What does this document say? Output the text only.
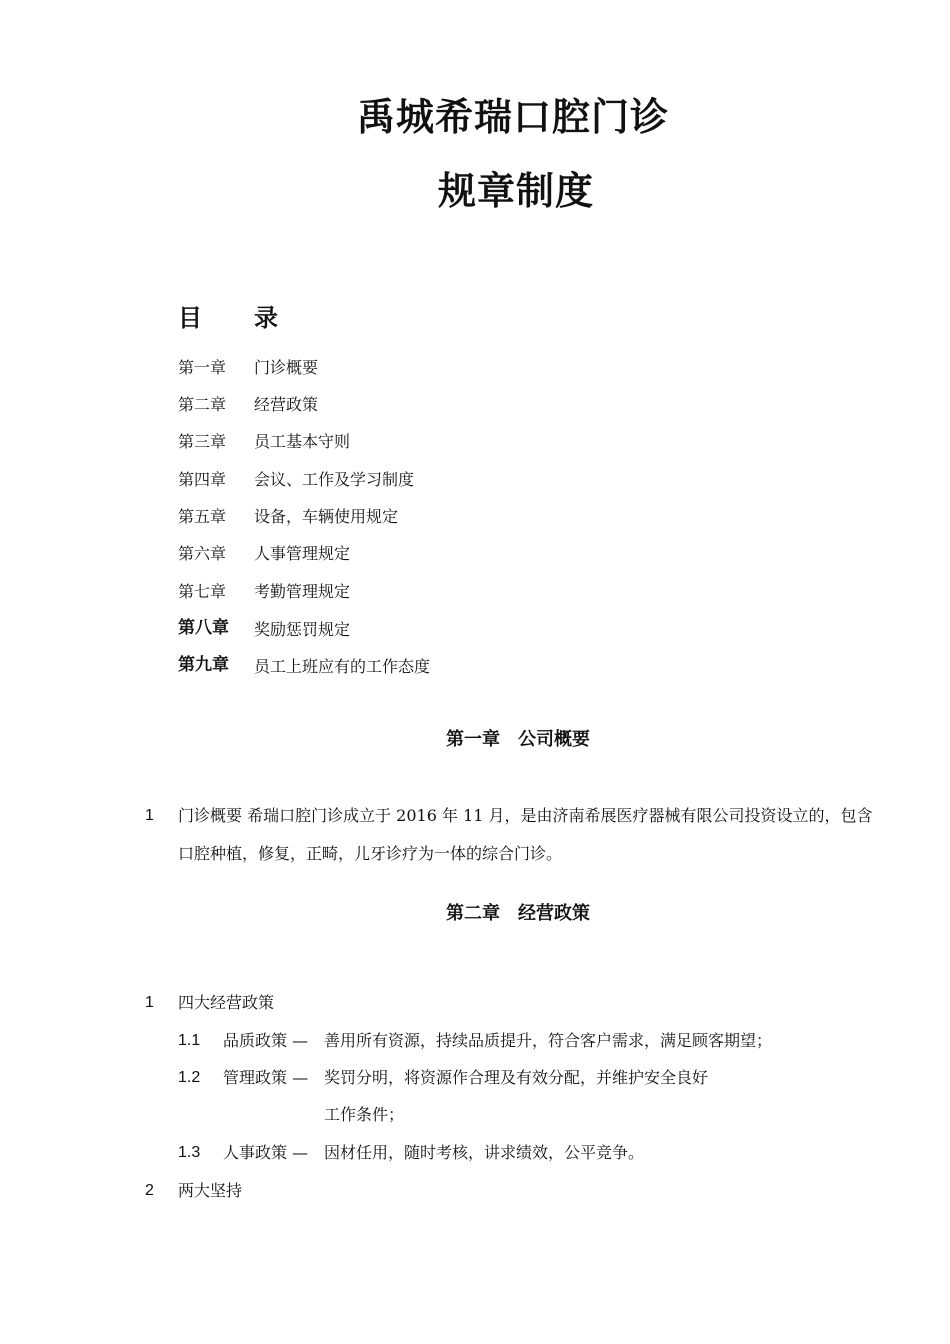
禹城希瑞口腔门诊
规章制度
目 录
第一章 门诊概要
第二章 经营政策
第三章 员工基本守则
第四章 会议、工作及学习制度
第五章 设备，车辆使用规定
第六章 人事管理规定
第七章 考勤管理规定
第八章 奖励惩罚规定
第九章 员工上班应有的工作态度
第一章　公司概要
1 门诊概要 希瑞口腔门诊成立于 2016 年 11 月，是由济南希展医疗器械有限公司投资设立的，包含
口腔种植，修复，正畸，儿牙诊疗为一体的综合门诊。
第二章　经营政策
1 四大经营政策
1.1 品质政策 — 善用所有资源，持续品质提升，符合客户需求，满足顾客期望；
1.2 管理政策 — 奖罚分明，将资源作合理及有效分配，并维护安全良好
工作条件；
1.3 人事政策 — 因材任用，随时考核，讲求绩效，公平竞争。
2 两大坚持
